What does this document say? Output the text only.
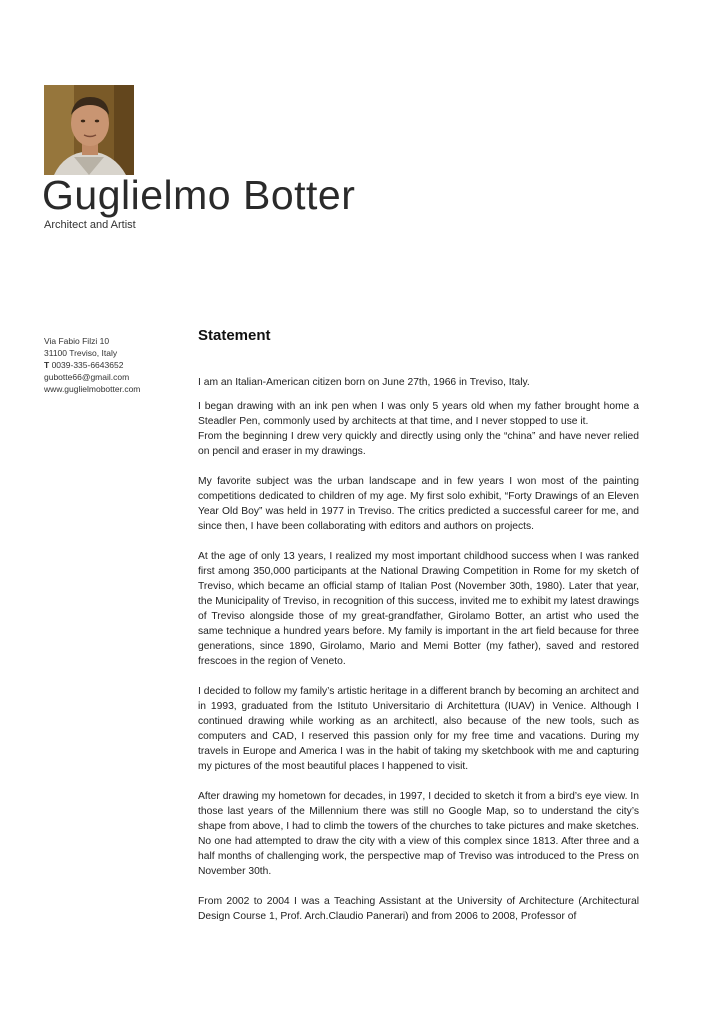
Guglielmo Botter
Architect and Artist
Via Fabio Filzi 10
31100 Treviso, Italy
T 0039-335-6643652
gubotte66@gmail.com
www.guglielmobotter.com
Statement

I am an Italian-American citizen born on June 27th, 1966 in Treviso, Italy.

I began drawing with an ink pen when I was only 5 years old when my father brought home a Steadler Pen, commonly used by architects at that time, and I never stopped to use it.

From the beginning I drew very quickly and directly using only the “china” and have never relied on pencil and eraser in my drawings.

My favorite subject was the urban landscape and in few years I won most of the painting competitions dedicated to children of my age. My first solo exhibit, “Forty Drawings of an Eleven Year Old Boy” was held in 1977 in Treviso. The critics predicted a successful career for me, and since then, I have been collaborating with editors and authors on projects.

At the age of only 13 years, I realized my most important childhood success when I was ranked first among 350,000 participants at the National Drawing Competition in Rome for my sketch of Treviso, which became an official stamp of Italian Post (November 30th, 1980). Later that year, the Municipality of Treviso, in recognition of this success, invited me to exhibit my latest drawings of Treviso alongside those of my great-grandfather, Girolamo Botter, an artist who used the same technique a hundred years before. My family is important in the art field because for three generations, since 1890, Girolamo, Mario and Memi Botter (my father), saved and restored frescoes in the region of Veneto.

I decided to follow my family’s artistic heritage in a different branch by becoming an architect and in 1993, graduated from the Istituto Universitario di Architettura (IUAV) in Venice. Although I continued drawing while working as an architectl, also because of the new tools, such as computers and CAD, I reserved this passion only for my free time and vacations. During my travels in Europe and America I was in the habit of taking my sketchbook with me and capturing my pictures of the most beautiful places I happened to visit.

After drawing my hometown for decades, in 1997, I decided to sketch it from a bird’s eye view. In those last years of the Millennium there was still no Google Map, so to understand the city’s shape from above, I had to climb the towers of the churches to take pictures and make sketches. No one had attempted to draw the city with a view of this complex since 1813. After three and a half months of challenging work, the perspective map of Treviso was introduced to the Press on November 30th.

From 2002 to 2004 I was a Teaching Assistant at the University of Architecture (Architectural Design Course 1, Prof. Arch.Claudio Panerari) and from 2006 to 2008, Professor of
